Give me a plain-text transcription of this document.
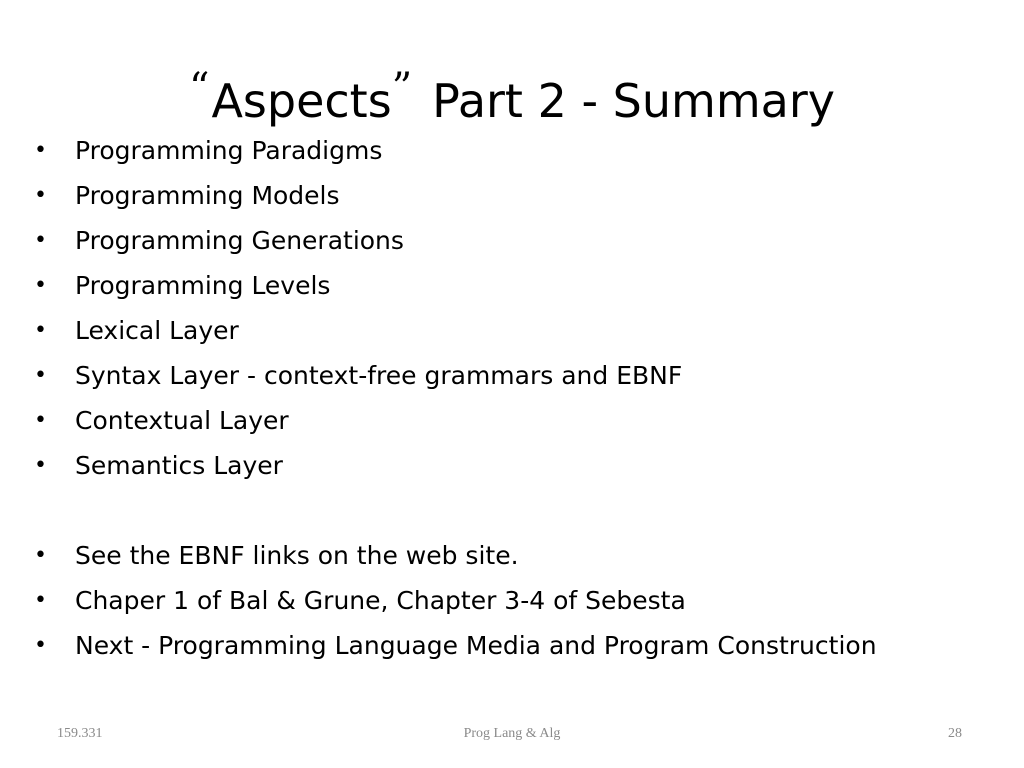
“Aspects” Part 2 - Summary
• Programming Paradigms
• Programming Models
• Programming Generations
• Programming Levels
• Lexical Layer
• Syntax Layer - context-free grammars and EBNF
• Contextual Layer
• Semantics Layer
• See the EBNF links on the web site.
• Chaper 1 of Bal & Grune, Chapter 3-4 of Sebesta
• Next - Programming Language Media and Program Construction
159.331	Prog Lang & Alg	28
